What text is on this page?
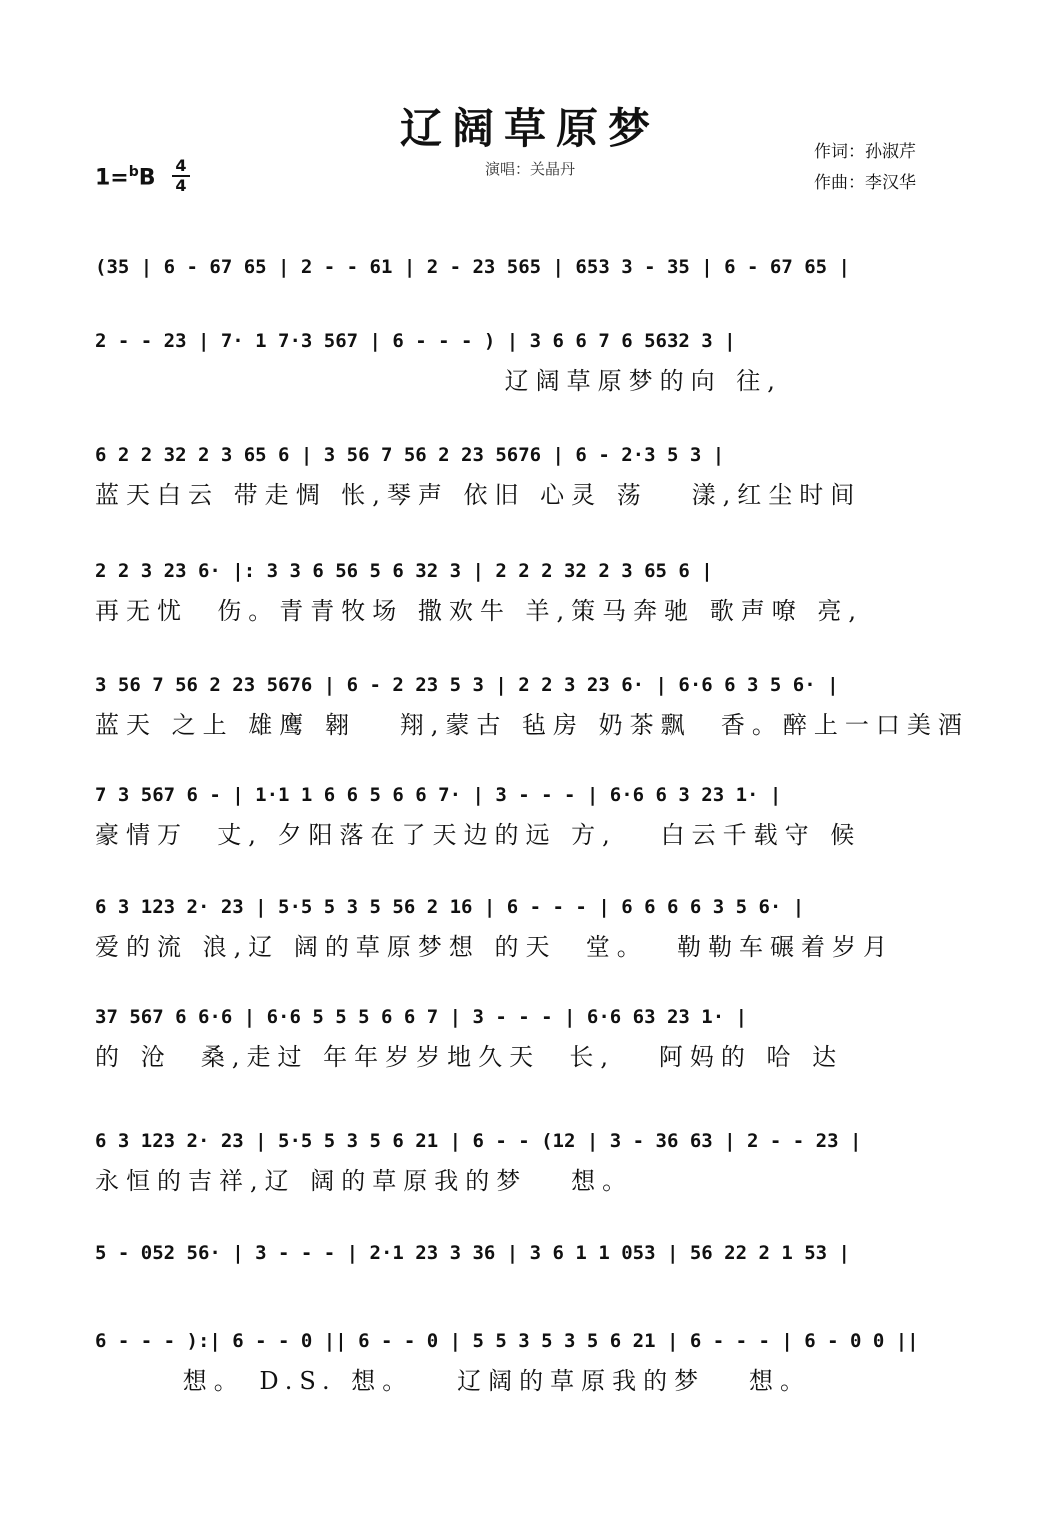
辽阔草原梦
演唱：关晶丹
1=$^b$B 4
4
作词：孙淑芹
作曲：李汉华
(35 | 6 - 67 65 | 2 - - 61 | 2 - 23 565 | 653 3 - 35 | 6 - 67 65 |
2 - - 23 | 7· 1 7·3 567 | 6 - - - ) | 3 6 6 7 6 5632 3 |
辽阔草原梦的向 往,
6 2 2 32 2 3 65 6 | 3 56 7 56 2 23 5676 | 6 - 2·3 5 3 |
蓝天白云 带走惆 怅,琴声 依旧 心灵 荡   漾,红尘时间
2 2 3 23 6· |: 3 3 6 56 5 6 32 3 | 2 2 2 32 2 3 65 6 |
再无忧  伤。青青牧场 撒欢牛 羊,策马奔驰 歌声嘹 亮,
3 56 7 56 2 23 5676 | 6 - 2 23 5 3 | 2 2 3 23 6· | 6·6 6 3 5 6· |
蓝天 之上 雄鹰 翱   翔,蒙古 毡房 奶茶飘  香。醉上一口美酒
7 3 567 6 - | 1·1 1 6 6 5 6 6 7· | 3 - - - | 6·6 6 3 23 1· |
豪情万  丈, 夕阳落在了天边的远 方,   白云千载守 候
6 3 123 2· 23 | 5·5 5 3 5 56 2 16 | 6 - - - | 6 6 6 6 3 5 6· |
爱的流 浪,辽 阔的草原梦想 的天  堂。  勒勒车碾着岁月
37 567 6 6·6 | 6·6 5 5 5 6 6 7 | 3 - - - | 6·6 63 23 1· |
的 沧  桑,走过 年年岁岁地久天  长,   阿妈的 哈 达
6 3 123 2· 23 | 5·5 5 3 5 6 21 | 6 - - (12 | 3 - 36 63 | 2 - - 23 |
永恒的吉祥,辽 阔的草原我的梦   想。
5 - 052 56· | 3 - - - | 2·1 23 3 36 | 3 6 1 1 053 | 56 22 2 1 53 |
6 - - - ):| 6 - - 0 || 6 - - 0 | 5 5 3 5 3 5 6 21 | 6 - - - | 6 - 0 0 ||
想。 D.S. 想。   辽阔的草原我的梦   想。
